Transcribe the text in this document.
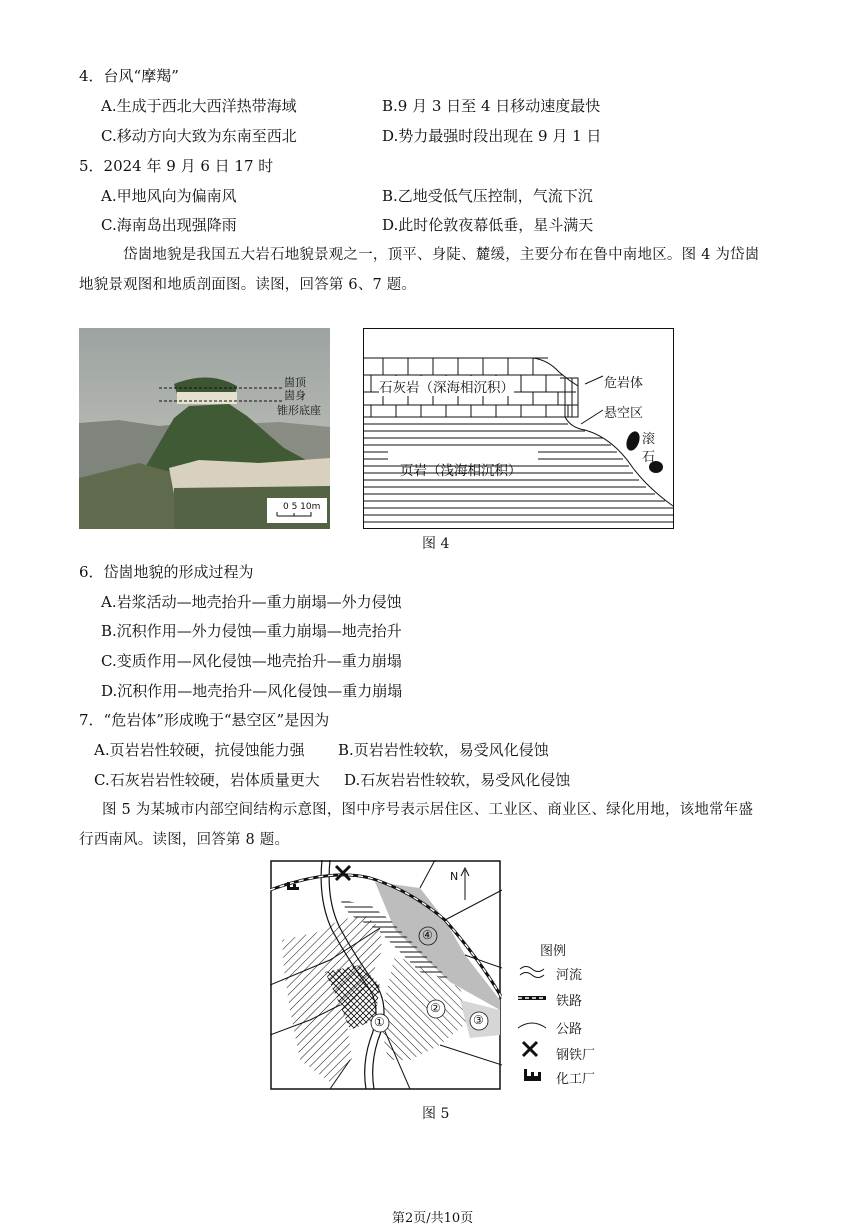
4．台风“摩羯”
A.生成于西北大西洋热带海域	B.9 月 3 日至 4 日移动速度最快
C.移动方向大致为东南至西北	D.势力最强时段出现在 9 月 1 日
5．2024 年 9 月 6 日 17 时
A.甲地风向为偏南风	B.乙地受低气压控制，气流下沉
C.海南岛出现强降雨	D.此时伦敦夜幕低垂，星斗满天
岱崮地貌是我国五大岩石地貌景观之一，顶平、身陡、麓缓，主要分布在鲁中南地区。图 4 为岱崮
地貌景观图和地质剖面图。读图，回答第 6、7 题。
崮顶
崮身
锥形底座
0 5 10m
石灰岩（深海相沉积）
页岩（浅海相沉积）
危岩体
悬空区
滚
石
图 4
6．岱崮地貌的形成过程为
A.岩浆活动—地壳抬升—重力崩塌—外力侵蚀
B.沉积作用—外力侵蚀—重力崩塌—地壳抬升
C.变质作用—风化侵蚀—地壳抬升—重力崩塌
D.沉积作用—地壳抬升—风化侵蚀—重力崩塌
7．“危岩体”形成晚于“悬空区”是因为
A.页岩岩性较硬，抗侵蚀能力强 B.页岩岩性较软，易受风化侵蚀
C.石灰岩岩性较硬，岩体质量更大 D.石灰岩岩性较软，易受风化侵蚀
图 5 为某城市内部空间结构示意图，图中序号表示居住区、工业区、商业区、绿化用地，该地常年盛
行西南风。读图，回答第 8 题。
N
①
②
③
④
图例
河流
铁路
公路
钢铁厂
化工厂
图 5
第2页/共10页
